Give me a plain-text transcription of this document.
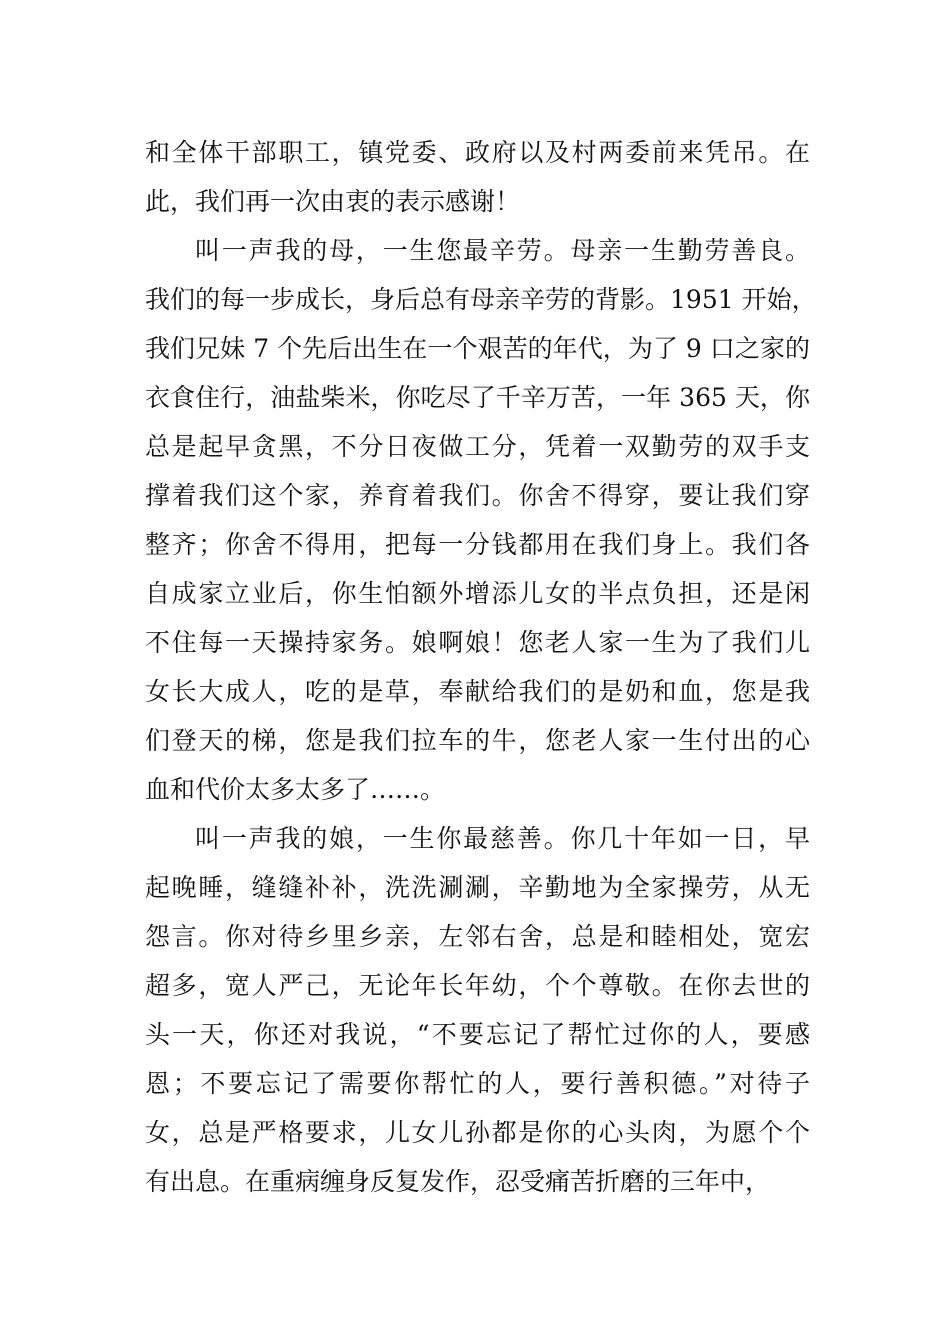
和全体干部职工，镇党委、政府以及村两委前来凭吊。在
此，我们再一次由衷的表示感谢！
叫一声我的母，一生您最辛劳。母亲一生勤劳善良。
我们的每一步成长，身后总有母亲辛劳的背影。1951 开始，
我们兄妹 7 个先后出生在一个艰苦的年代，为了 9 口之家的
衣食住行，油盐柴米，你吃尽了千辛万苦，一年 365 天，你
总是起早贪黑，不分日夜做工分，凭着一双勤劳的双手支
撑着我们这个家，养育着我们。你舍不得穿，要让我们穿
整齐；你舍不得用，把每一分钱都用在我们身上。我们各
自成家立业后，你生怕额外增添儿女的半点负担，还是闲
不住每一天操持家务。娘啊娘！您老人家一生为了我们儿
女长大成人，吃的是草，奉献给我们的是奶和血，您是我
们登天的梯，您是我们拉车的牛，您老人家一生付出的心
血和代价太多太多了……。
叫一声我的娘，一生你最慈善。你几十年如一日，早
起晚睡，缝缝补补，洗洗涮涮，辛勤地为全家操劳，从无
怨言。你对待乡里乡亲，左邻右舍，总是和睦相处，宽宏
超多，宽人严己，无论年长年幼，个个尊敬。在你去世的
头一天，你还对我说，“不要忘记了帮忙过你的人，要感
恩；不要忘记了需要你帮忙的人，要行善积德。”对待子
女，总是严格要求，儿女儿孙都是你的心头肉，为愿个个
有出息。在重病缠身反复发作，忍受痛苦折磨的三年中，
